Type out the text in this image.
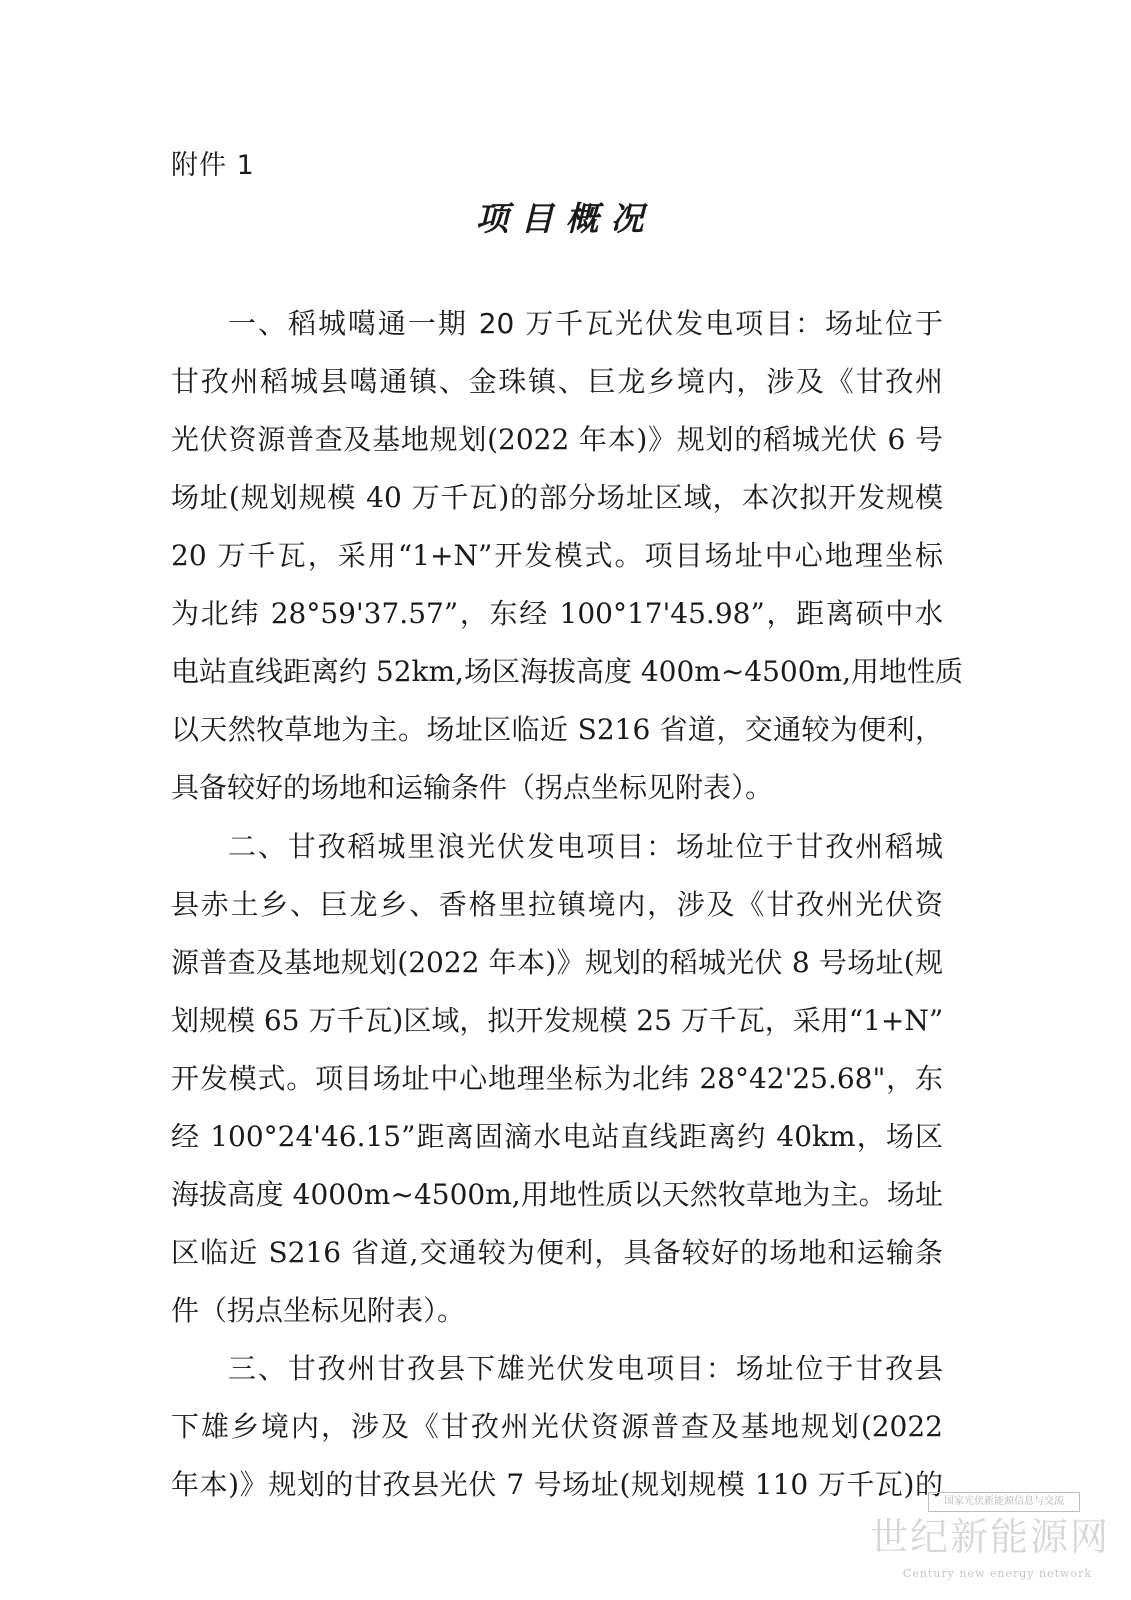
附件 1
项目概况
一、稻城噶通一期 20 万千瓦光伏发电项目：场址位于
甘孜州稻城县噶通镇、金珠镇、巨龙乡境内，涉及《甘孜州
光伏资源普查及基地规划(2022 年本)》规划的稻城光伏 6 号
场址(规划规模 40 万千瓦)的部分场址区域，本次拟开发规模
20 万千瓦，采用“1+N”开发模式。项目场址中心地理坐标
为北纬 28°59'37.57”，东经 100°17'45.98”，距离硕中水
电站直线距离约 52km,场区海拔高度 400m~4500m,用地性质
以天然牧草地为主。场址区临近 S216 省道，交通较为便利，
具备较好的场地和运输条件（拐点坐标见附表）。
二、甘孜稻城里浪光伏发电项目：场址位于甘孜州稻城
县赤土乡、巨龙乡、香格里拉镇境内，涉及《甘孜州光伏资
源普查及基地规划(2022 年本)》规划的稻城光伏 8 号场址(规
划规模 65 万千瓦)区域，拟开发规模 25 万千瓦，采用“1+N”
开发模式。项目场址中心地理坐标为北纬 28°42'25.68"，东
经 100°24'46.15”距离固滴水电站直线距离约 40km，场区
海拔高度 4000m~4500m,用地性质以天然牧草地为主。场址
区临近 S216 省道,交通较为便利，具备较好的场地和运输条
件（拐点坐标见附表）。
三、甘孜州甘孜县下雄光伏发电项目：场址位于甘孜县
下雄乡境内，涉及《甘孜州光伏资源普查及基地规划(2022
年本)》规划的甘孜县光伏 7 号场址(规划规模 110 万千瓦)的
国家光伏新能源信息与交流
世纪新能源网
Century new energy network
